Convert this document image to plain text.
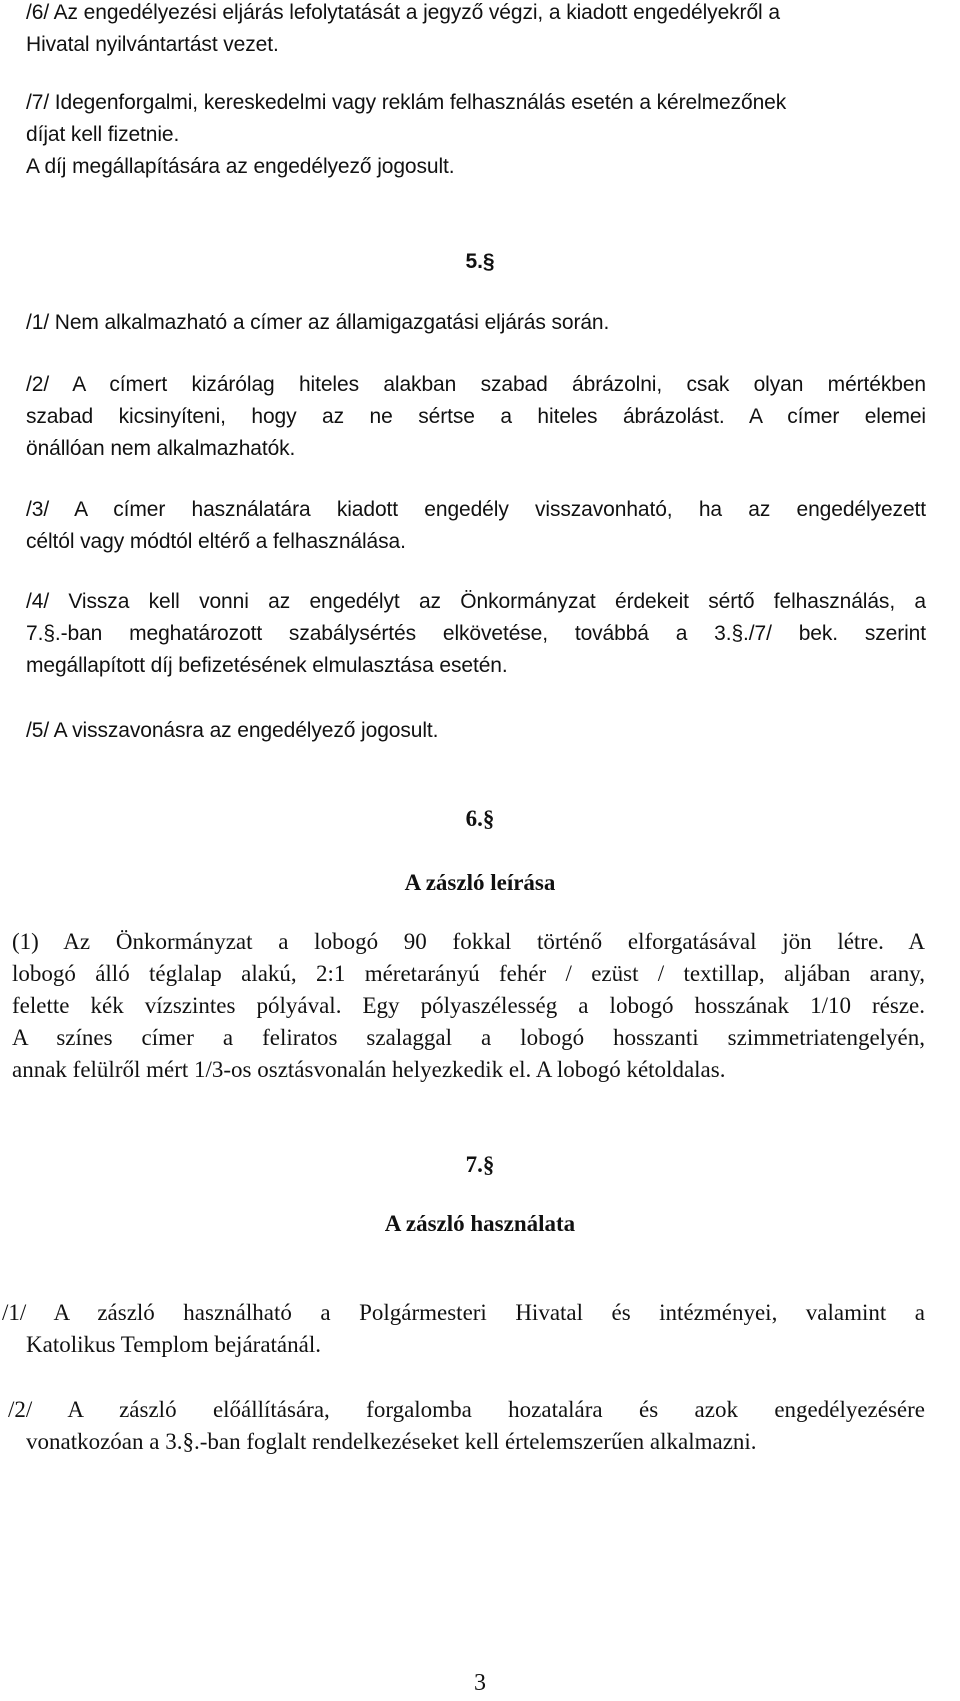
/6/ Az engedélyezési eljárás lefolytatását a jegyző végzi, a kiadott engedélyekről a
Hivatal nyilvántartást vezet.
/7/ Idegenforgalmi, kereskedelmi vagy reklám felhasználás esetén a kérelmezőnek
díjat kell fizetnie.
A díj megállapítására az engedélyező jogosult.
5.§
/1/ Nem alkalmazható a címer az államigazgatási eljárás során.
/2/ A címert kizárólag hiteles alakban szabad ábrázolni, csak olyan mértékben
szabad kicsinyíteni, hogy az ne sértse a hiteles ábrázolást. A címer elemei
önállóan nem alkalmazhatók.
/3/ A címer használatára kiadott engedély visszavonható, ha az engedélyezett
céltól vagy módtól eltérő a felhasználása.
/4/ Vissza kell vonni az engedélyt az Önkormányzat érdekeit sértő felhasználás, a
7.§.-ban meghatározott szabálysértés elkövetése, továbbá a 3.§./7/ bek. szerint
megállapított díj befizetésének elmulasztása esetén.
/5/ A visszavonásra az engedélyező jogosult.
6.§
A zászló leírása
(1) Az Önkormányzat a lobogó 90 fokkal történő elforgatásával jön létre. A
lobogó álló téglalap alakú, 2:1 méretarányú fehér / ezüst / textillap, aljában arany,
felette kék vízszintes pólyával. Egy pólyaszélesség a lobogó hosszának 1/10 része.
A színes címer a feliratos szalaggal a lobogó hosszanti szimmetriatengelyén,
annak felülről mért 1/3-os osztásvonalán helyezkedik el. A lobogó kétoldalas.
7.§
A zászló használata
/1/ A zászló használható a Polgármesteri Hivatal és intézményei, valamint a
Katolikus Templom bejáratánál.
/2/ A zászló előállítására, forgalomba hozatalára és azok engedélyezésére
vonatkozóan a 3.§.-ban foglalt rendelkezéseket kell értelemszerűen alkalmazni.
3
